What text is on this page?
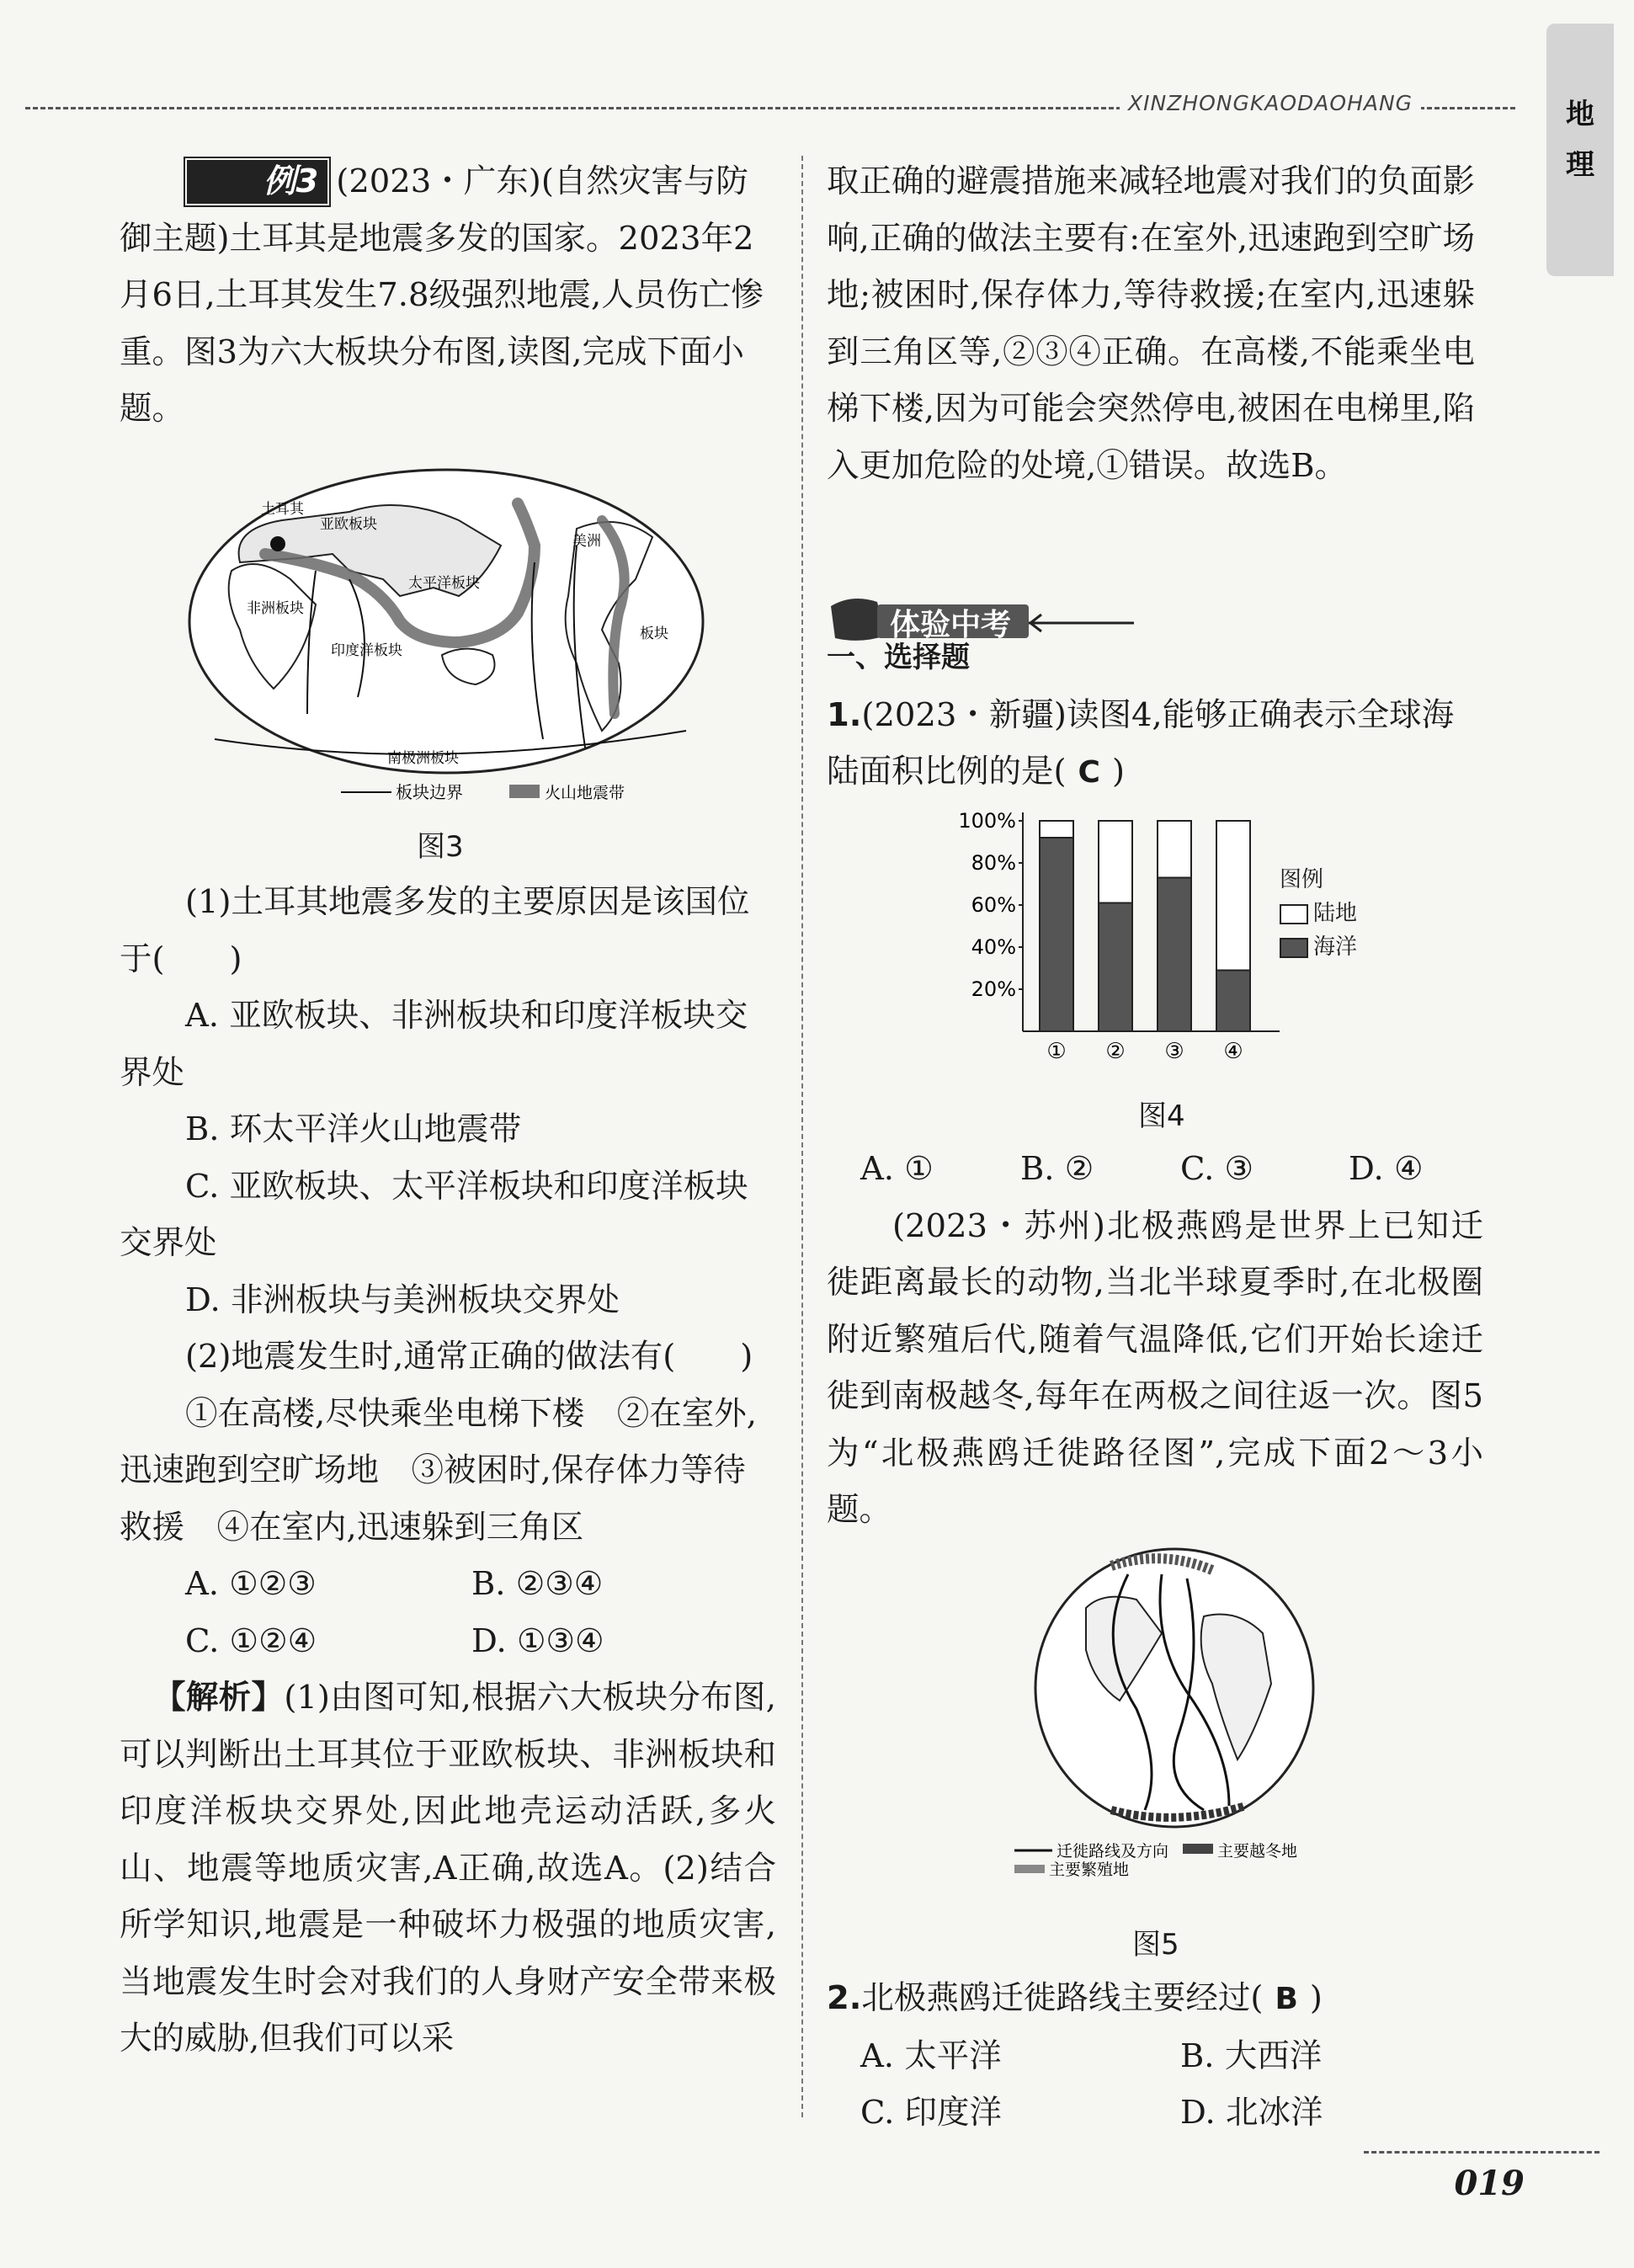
XINZHONGKAODAOHANG	地
理

例3 (2023・广东)(自然灾害与防御主题)土耳其是地震多发的国家。2023年2月6日,土耳其发生7.8级强烈地震,人员伤亡惨重。图3为六大板块分布图,读图,完成下面小题。

土耳其
亚欧板块
太平洋板块
非洲板块
印度洋板块
美洲
板块
南极洲板块
板块边界	火山地震带
图3

(1)土耳其地震多发的主要原因是该国位于(　　)

A. 亚欧板块、非洲板块和印度洋板块交界处

B. 环太平洋火山地震带

C. 亚欧板块、太平洋板块和印度洋板块交界处

D. 非洲板块与美洲板块交界处

(2)地震发生时,通常正确的做法有(　　)

①在高楼,尽快乘坐电梯下楼　②在室外,迅速跑到空旷场地　③被困时,保存体力等待救援　④在室内,迅速躲到三角区

A. ①②③	B. ②③④
C. ①②④	D. ①③④

【解析】(1)由图可知,根据六大板块分布图,可以判断出土耳其位于亚欧板块、非洲板块和印度洋板块交界处,因此地壳运动活跃,多火山、地震等地质灾害,A正确,故选A。(2)结合所学知识,地震是一种破坏力极强的地质灾害,当地震发生时会对我们的人身财产安全带来极大的威胁,但我们可以采

取正确的避震措施来减轻地震对我们的负面影响,正确的做法主要有:在室外,迅速跑到空旷场地;被困时,保存体力,等待救援;在室内,迅速躲到三角区等,②③④正确。在高楼,不能乘坐电梯下楼,因为可能会突然停电,被困在电梯里,陷入更加危险的处境,①错误。故选B。
体验中考

一、选择题

1.(2023・新疆)读图4,能够正确表示全球海陆面积比例的是( C )

20%
40%
60%
80%
100%
① ② ③ ④
图例
陆地
海洋
图4
A. ①	B. ②	C. ③	D. ④

(2023・苏州)北极燕鸥是世界上已知迁徙距离最长的动物,当北半球夏季时,在北极圈附近繁殖后代,随着气温降低,它们开始长途迁徙到南极越冬,每年在两极之间往返一次。图5为“北极燕鸥迁徙路径图”,完成下面2～3小题。

迁徙路线及方向	主要越冬地
主要繁殖地
图5

2.北极燕鸥迁徙路线主要经过( B )

A. 太平洋	B. 大西洋
C. 印度洋	D. 北冰洋
019
